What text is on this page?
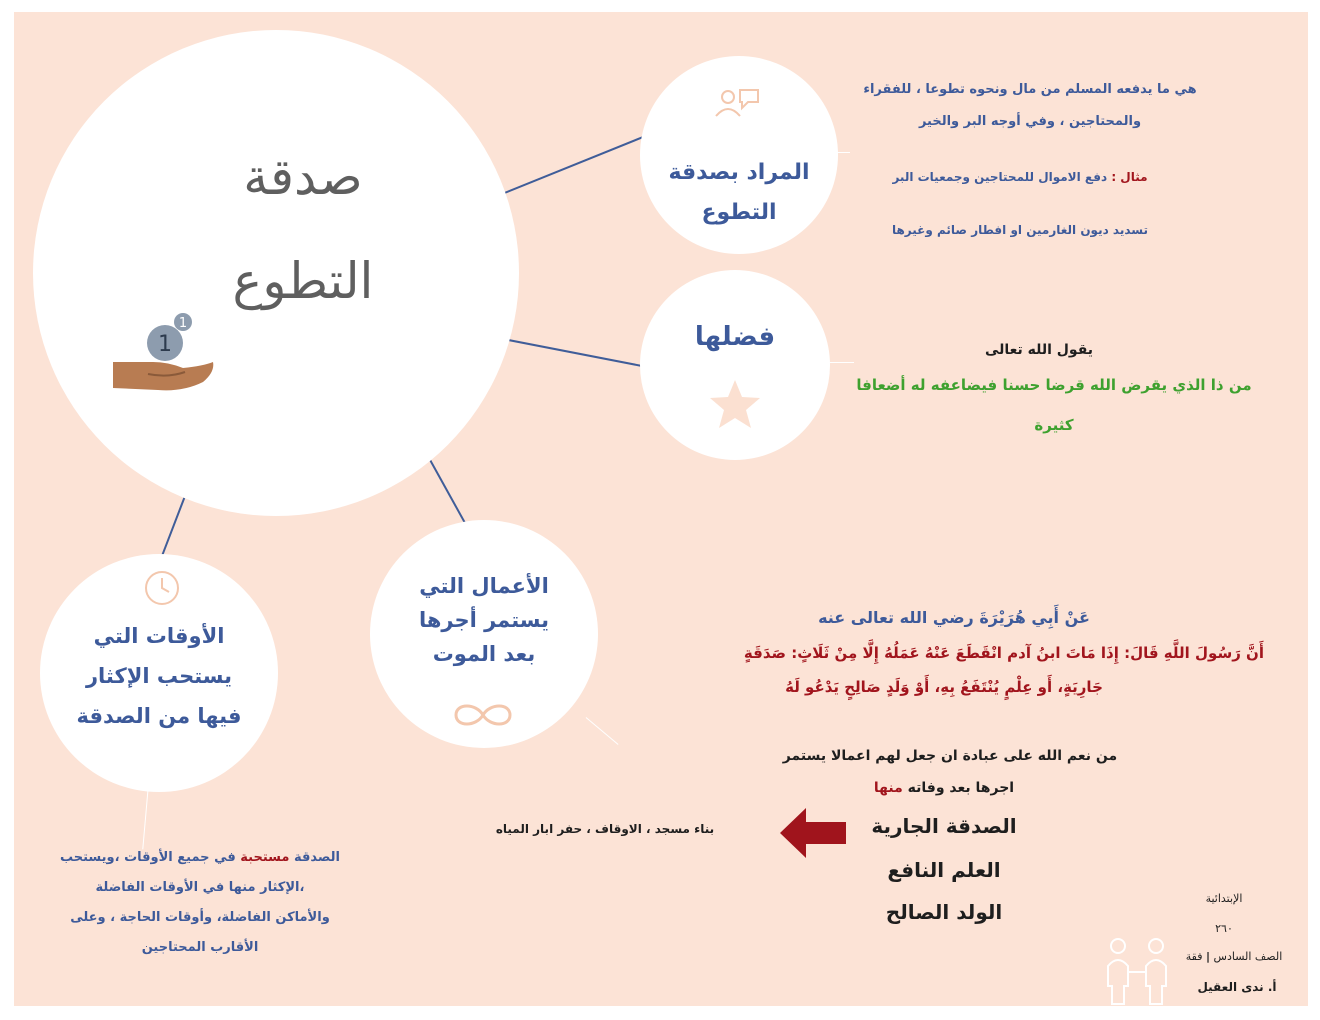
صدقة
التطوع
1
1
المراد بصدقة
التطوع
فضلها
الأعمال التي
يستمر أجرها
بعد الموت
الأوقات التي
يستحب الإكثار
فيها من الصدقة
هي ما يدفعه المسلم من مال ونحوه تطوعا ، للفقراء
والمحتاجين ، وفي أوجه البر والخير
مثال : دفع الاموال للمحتاجين وجمعيات البر
تسديد ديون الغارمين او افطار صائم وغيرها
يقول الله تعالى
من ذا الذي يقرض الله قرضا حسنا فيضاعفه له أضعافا
كثيرة
عَنْ أَبِي هُرَيْرَةَ رضي الله تعالى عنه
أَنَّ رَسُولَ اللَّهِ قَالَ: إِذَا مَاتَ ابنُ آدم انْقَطَعَ عَنْهُ عَمَلُهُ إِلَّا مِنْ ثَلَاثٍ: صَدَقَةٍ
جَارِيَةٍ، أَو عِلْمٍ يُنْتَفَعُ بِهِ، أَوْ وَلَدٍ صَالِحٍ يَدْعُو لَهُ
من نعم الله على عبادة ان جعل لهم اعمالا يستمر
اجرها بعد وفاته منها
الصدقة الجارية
العلم النافع
الولد الصالح
بناء مسجد ، الاوقاف ، حفر ابار المياه
الصدقة مستحبة في جميع الأوقات ،ويستحب
،الإكثار منها في الأوقات الفاضلة
والأماكن الفاضلة، وأوقات الحاجة ، وعلى
الأقارب المحتاجين
الإبتدائية
٢٦٠
الصف السادس | فقة
أ. ندى العقيل
